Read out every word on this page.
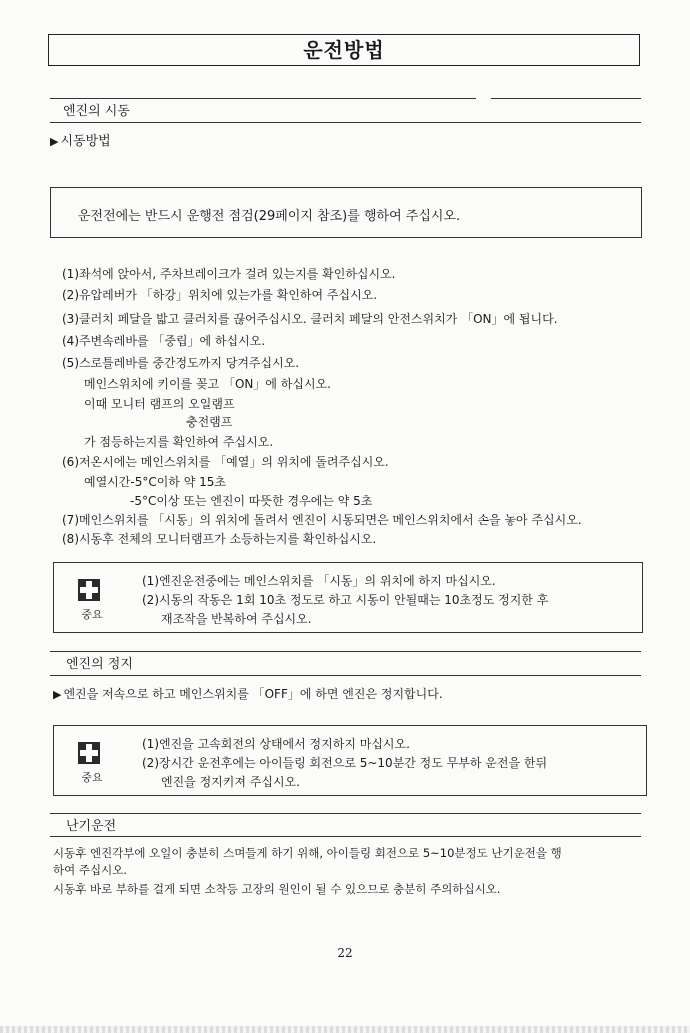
운전방법
엔진의 시동
▶ 시동방법
운전전에는 반드시 운행전 점검(29페이지 참조)를 행하여 주십시오.
(1)좌석에 앉아서, 주차브레이크가 걸려 있는지를 확인하십시오.
(2)유압레버가 「하강」위치에 있는가를 확인하여 주십시오.
(3)클러치 페달을 밟고 클러치를 끊어주십시오. 클러치 페달의 안전스위치가 「ON」에 됩니다.
(4)주변속레바를 「중립」에 하십시오.
(5)스로틀레바를 중간정도까지 당겨주십시오.
메인스위치에 키이를 꽂고 「ON」에 하십시오.
이때 모니터 램프의 오일램프
충전램프
가 점등하는지를 확인하여 주십시오.
(6)저온시에는 메인스위치를 「예열」의 위치에 돌려주십시오.
예열시간-5°C이하 약 15초
-5°C이상 또는 엔진이 따뜻한 경우에는 약 5초
(7)메인스위치를 「시동」의 위치에 돌려서 엔진이 시동되면은 메인스위치에서 손을 놓아 주십시오.
(8)시동후 전체의 모니터램프가 소등하는지를 확인하십시오.
중요
(1)엔진운전중에는 메인스위치를 「시동」의 위치에 하지 마십시오.
(2)시동의 작동은 1회 10초 정도로 하고 시동이 안될때는 10초정도 정지한 후
재조작을 반복하여 주십시오.
엔진의 정지
▶ 엔진을 저속으로 하고 메인스위치를 「OFF」에 하면 엔진은 정지합니다.
중요
(1)엔진을 고속회전의 상태에서 정지하지 마십시오.
(2)장시간 운전후에는 아이들링 회전으로 5~10분간 정도 무부하 운전을 한뒤
엔진을 정지키져 주십시오.
난기운전
시동후 엔진각부에 오일이 충분히 스며들게 하기 위해, 아이들링 회전으로 5~10분정도 난기운전을 행
하여 주십시오.
시동후 바로 부하를 걸게 되면 소착등 고장의 원인이 될 수 있으므로 충분히 주의하십시오.
22
